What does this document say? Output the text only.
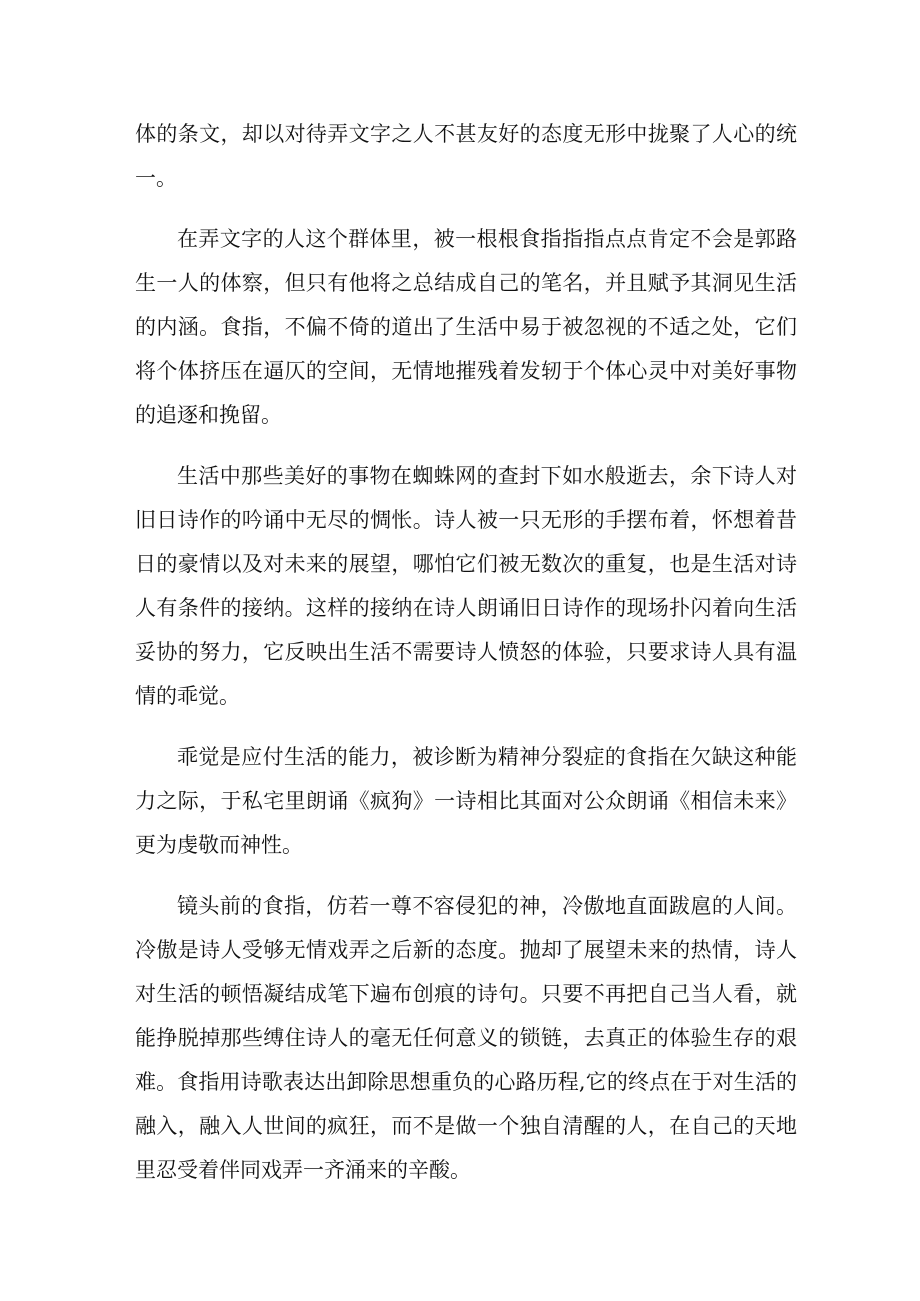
体的条文，却以对待弄文字之人不甚友好的态度无形中拢聚了人心的统一。

在弄文字的人这个群体里，被一根根食指指指点点肯定不会是郭路生一人的体察，但只有他将之总结成自己的笔名，并且赋予其洞见生活的内涵。食指，不偏不倚的道出了生活中易于被忽视的不适之处，它们将个体挤压在逼仄的空间，无情地摧残着发轫于个体心灵中对美好事物的追逐和挽留。

生活中那些美好的事物在蜘蛛网的查封下如水般逝去，余下诗人对旧日诗作的吟诵中无尽的惆怅。诗人被一只无形的手摆布着，怀想着昔日的豪情以及对未来的展望，哪怕它们被无数次的重复，也是生活对诗人有条件的接纳。这样的接纳在诗人朗诵旧日诗作的现场扑闪着向生活妥协的努力，它反映出生活不需要诗人愤怒的体验，只要求诗人具有温情的乖觉。

乖觉是应付生活的能力，被诊断为精神分裂症的食指在欠缺这种能力之际，于私宅里朗诵《疯狗》一诗相比其面对公众朗诵《相信未来》更为虔敬而神性。

镜头前的食指，仿若一尊不容侵犯的神，冷傲地直面跋扈的人间。冷傲是诗人受够无情戏弄之后新的态度。抛却了展望未来的热情，诗人对生活的顿悟凝结成笔下遍布创痕的诗句。只要不再把自己当人看，就能挣脱掉那些缚住诗人的毫无任何意义的锁链，去真正的体验生存的艰难。食指用诗歌表达出卸除思想重负的心路历程,它的终点在于对生活的融入，融入人世间的疯狂，而不是做一个独自清醒的人，在自己的天地里忍受着伴同戏弄一齐涌来的辛酸。
